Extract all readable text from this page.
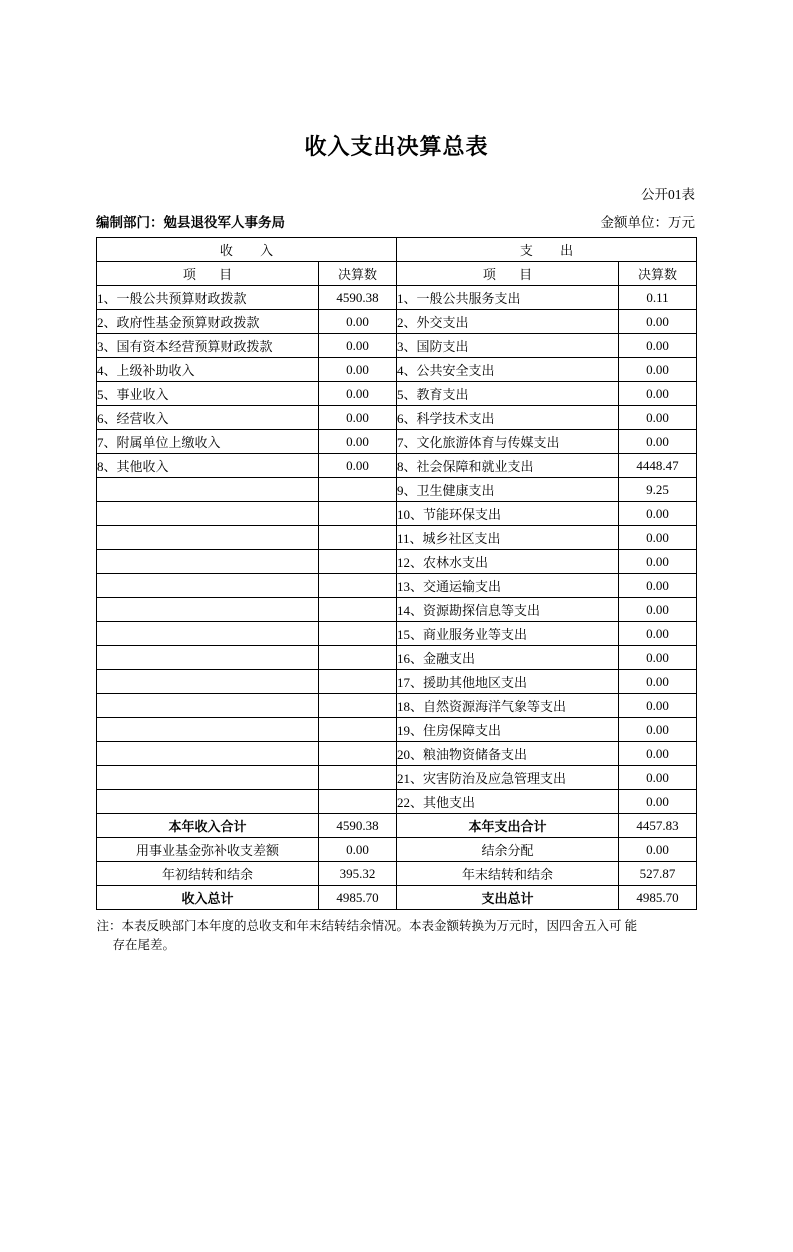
收入支出决算总表
公开01表
编制部门：勉县退役军人事务局	金额单位：万元
收 入		支 出	
项 目	决算数	项 目	决算数
1、一般公共预算财政拨款	4590.38	1、一般公共服务支出	0.11
2、政府性基金预算财政拨款	0.00	2、外交支出	0.00
3、国有资本经营预算财政拨款	0.00	3、国防支出	0.00
4、上级补助收入	0.00	4、公共安全支出	0.00
5、事业收入	0.00	5、教育支出	0.00
6、经营收入	0.00	6、科学技术支出	0.00
7、附属单位上缴收入	0.00	7、文化旅游体育与传媒支出	0.00
8、其他收入	0.00	8、社会保障和就业支出	4448.47
		9、卫生健康支出	9.25
		10、节能环保支出	0.00
		11、城乡社区支出	0.00
		12、农林水支出	0.00
		13、交通运输支出	0.00
		14、资源勘探信息等支出	0.00
		15、商业服务业等支出	0.00
		16、金融支出	0.00
		17、援助其他地区支出	0.00
		18、自然资源海洋气象等支出	0.00
		19、住房保障支出	0.00
		20、粮油物资储备支出	0.00
		21、灾害防治及应急管理支出	0.00
		22、其他支出	0.00
本年收入合计	4590.38	本年支出合计	4457.83
用事业基金弥补收支差额	0.00	结余分配	0.00
年初结转和结余	395.32	年末结转和结余	527.87
收入总计	4985.70	支出总计	4985.70
注：本表反映部门本年度的总收支和年末结转结余情况。本表金额转换为万元时，因四舍五入可 能
存在尾差。
